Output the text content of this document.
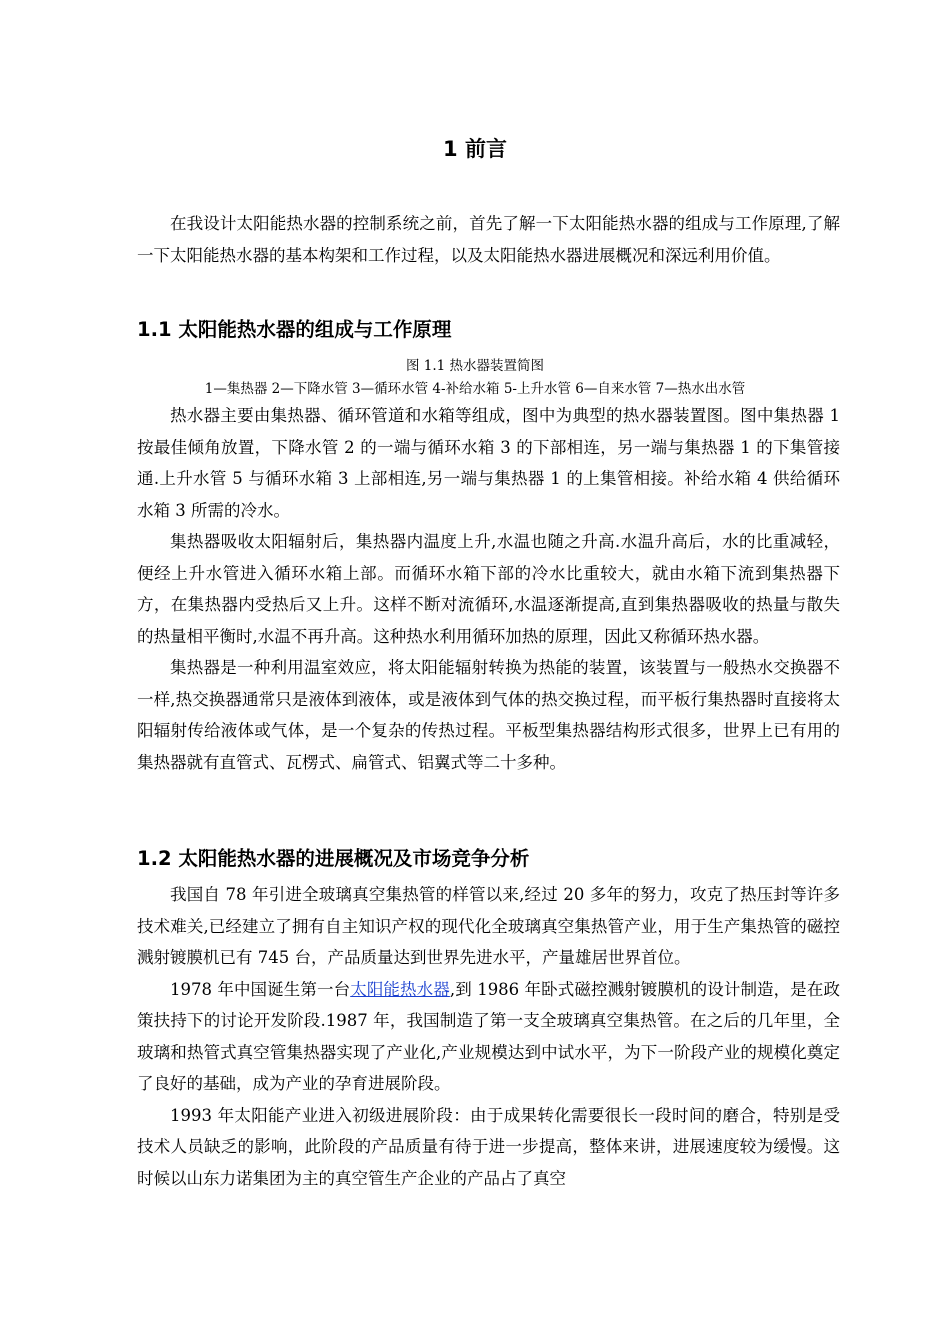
1 前言

在我设计太阳能热水器的控制系统之前，首先了解一下太阳能热水器的组成与工作原理,了解一下太阳能热水器的基本构架和工作过程，以及太阳能热水器进展概况和深远利用价值。

1.1 太阳能热水器的组成与工作原理
图 1.1 热水器装置简图
1—集热器 2—下降水管 3—循环水管 4-补给水箱 5-上升水管 6—自来水管 7—热水出水管

热水器主要由集热器、循环管道和水箱等组成，图中为典型的热水器装置图。图中集热器 1 按最佳倾角放置，下降水管 2 的一端与循环水箱 3 的下部相连，另一端与集热器 1 的下集管接通.上升水管 5 与循环水箱 3 上部相连,另一端与集热器 1 的上集管相接。补给水箱 4 供给循环水箱 3 所需的冷水。

集热器吸收太阳辐射后，集热器内温度上升,水温也随之升高.水温升高后，水的比重减轻，便经上升水管进入循环水箱上部。而循环水箱下部的冷水比重较大，就由水箱下流到集热器下方，在集热器内受热后又上升。这样不断对流循环,水温逐渐提高,直到集热器吸收的热量与散失的热量相平衡时,水温不再升高。这种热水利用循环加热的原理，因此又称循环热水器。

集热器是一种利用温室效应，将太阳能辐射转换为热能的装置，该装置与一般热水交换器不一样,热交换器通常只是液体到液体，或是液体到气体的热交换过程，而平板行集热器时直接将太阳辐射传给液体或气体，是一个复杂的传热过程。平板型集热器结构形式很多，世界上已有用的集热器就有直管式、瓦楞式、扁管式、铝翼式等二十多种。

1.2 太阳能热水器的进展概况及市场竞争分析

我国自 78 年引进全玻璃真空集热管的样管以来,经过 20 多年的努力，攻克了热压封等许多技术难关,已经建立了拥有自主知识产权的现代化全玻璃真空集热管产业，用于生产集热管的磁控溅射镀膜机已有 745 台，产品质量达到世界先进水平，产量雄居世界首位。

1978 年中国诞生第一台太阳能热水器,到 1986 年卧式磁控溅射镀膜机的设计制造，是在政策扶持下的讨论开发阶段.1987 年，我国制造了第一支全玻璃真空集热管。在之后的几年里，全玻璃和热管式真空管集热器实现了产业化,产业规模达到中试水平，为下一阶段产业的规模化奠定了良好的基础，成为产业的孕育进展阶段。

1993 年太阳能产业进入初级进展阶段：由于成果转化需要很长一段时间的磨合，特别是受技术人员缺乏的影响，此阶段的产品质量有待于进一步提高，整体来讲，进展速度较为缓慢。这时候以山东力诺集团为主的真空管生产企业的产品占了真空
